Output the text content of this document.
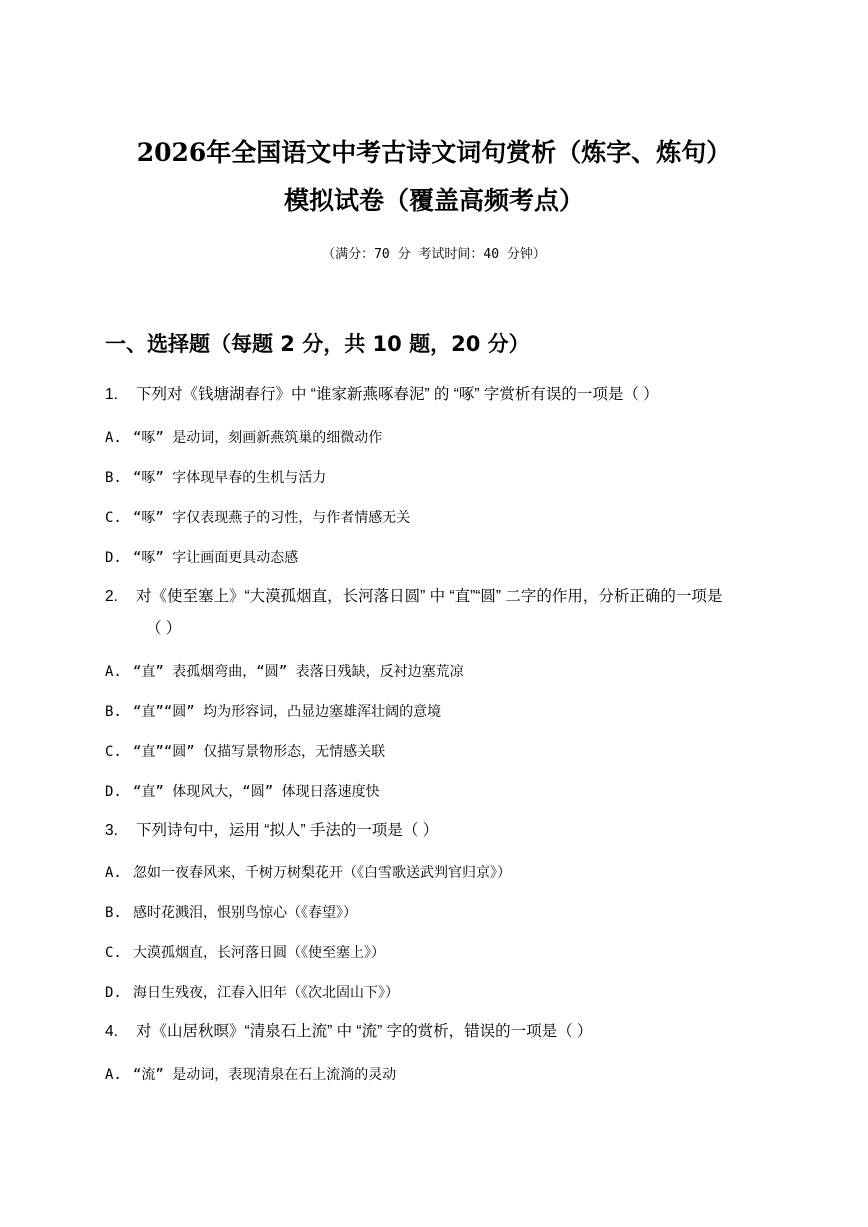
2026年全国语文中考古诗文词句赏析（炼字、炼句）
模拟试卷（覆盖高频考点）
（满分：70 分 考试时间：40 分钟）
一、选择题（每题 2 分，共 10 题，20 分）
1. 下列对《钱塘湖春行》中 “谁家新燕啄春泥” 的 “啄” 字赏析有误的一项是（ ）
A. “啄” 是动词，刻画新燕筑巢的细微动作
B. “啄” 字体现早春的生机与活力
C. “啄” 字仅表现燕子的习性，与作者情感无关
D. “啄” 字让画面更具动态感
2. 对《使至塞上》“大漠孤烟直，长河落日圆” 中 “直”“圆” 二字的作用，分析正确的一项是
（ ）
A. “直” 表孤烟弯曲，“圆” 表落日残缺，反衬边塞荒凉
B. “直”“圆” 均为形容词，凸显边塞雄浑壮阔的意境
C. “直”“圆” 仅描写景物形态，无情感关联
D. “直” 体现风大，“圆” 体现日落速度快
3. 下列诗句中，运用 “拟人” 手法的一项是（ ）
A. 忽如一夜春风来，千树万树梨花开（《白雪歌送武判官归京》）
B. 感时花溅泪，恨别鸟惊心（《春望》）
C. 大漠孤烟直，长河落日圆（《使至塞上》）
D. 海日生残夜，江春入旧年（《次北固山下》）
4. 对《山居秋暝》“清泉石上流” 中 “流” 字的赏析，错误的一项是（ ）
A. “流” 是动词，表现清泉在石上流淌的灵动
